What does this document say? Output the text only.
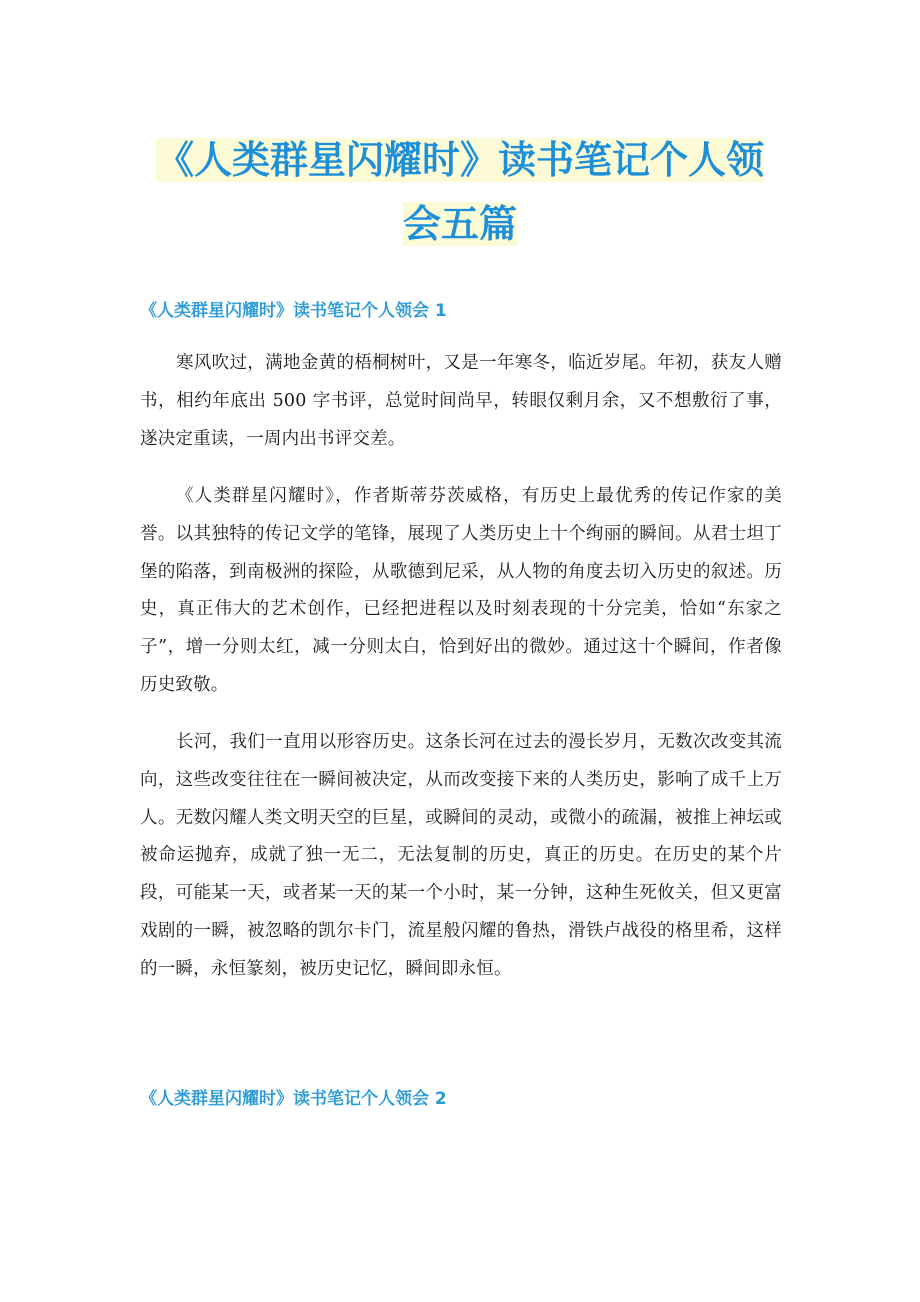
《人类群星闪耀时》读书笔记个人领会五篇
《人类群星闪耀时》读书笔记个人领会 1

寒风吹过，满地金黄的梧桐树叶，又是一年寒冬，临近岁尾。年初，获友人赠书，相约年底出 500 字书评，总觉时间尚早，转眼仅剩月余，又不想敷衍了事，遂决定重读，一周内出书评交差。

《人类群星闪耀时》，作者斯蒂芬茨威格，有历史上最优秀的传记作家的美誉。以其独特的传记文学的笔锋，展现了人类历史上十个绚丽的瞬间。从君士坦丁堡的陷落，到南极洲的探险，从歌德到尼采，从人物的角度去切入历史的叙述。历史，真正伟大的艺术创作，已经把进程以及时刻表现的十分完美，恰如“东家之子”，增一分则太红，减一分则太白，恰到好出的微妙。通过这十个瞬间，作者像历史致敬。

长河，我们一直用以形容历史。这条长河在过去的漫长岁月，无数次改变其流向，这些改变往往在一瞬间被决定，从而改变接下来的人类历史，影响了成千上万人。无数闪耀人类文明天空的巨星，或瞬间的灵动，或微小的疏漏，被推上神坛或被命运抛弃，成就了独一无二，无法复制的历史，真正的历史。在历史的某个片段，可能某一天，或者某一天的某一个小时，某一分钟，这种生死攸关，但又更富戏剧的一瞬，被忽略的凯尔卡门，流星般闪耀的鲁热，滑铁卢战役的格里希，这样的一瞬，永恒篆刻，被历史记忆，瞬间即永恒。

《人类群星闪耀时》读书笔记个人领会 2
